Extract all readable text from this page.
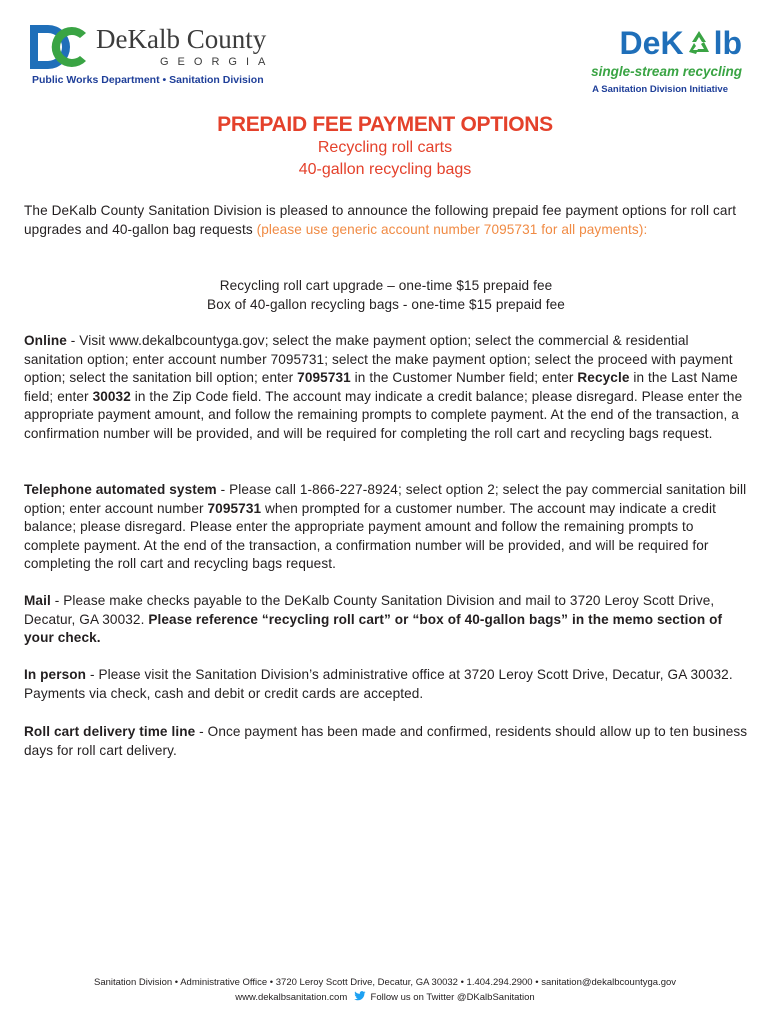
DeKalb County
GEORGIA
Public Works Department • Sanitation Division
DeK lb
single-stream recycling
A Sanitation Division Initiative
PREPAID FEE PAYMENT OPTIONS
Recycling roll carts
40-gallon recycling bags
The DeKalb County Sanitation Division is pleased to announce the following prepaid fee payment options for roll cart upgrades and 40-gallon bag requests (please use generic account number 7095731 for all payments):
Recycling roll cart upgrade – one-time $15 prepaid fee
Box of 40-gallon recycling bags - one-time $15 prepaid fee
Online - Visit www.dekalbcountyga.gov; select the make payment option; select the commercial & residential sanitation option; enter account number 7095731; select the make payment option; select the proceed with payment option; select the sanitation bill option; enter 7095731 in the Customer Number field; enter Recycle in the Last Name field; enter 30032 in the Zip Code field. The account may indicate a credit balance; please disregard. Please enter the appropriate payment amount, and follow the remaining prompts to complete payment. At the end of the transaction, a confirmation number will be provided, and will be required for completing the roll cart and recycling bags request.
Telephone automated system - Please call 1-866-227-8924; select option 2; select the pay commercial sanitation bill option; enter account number 7095731 when prompted for a customer number. The account may indicate a credit balance; please disregard. Please enter the appropriate payment amount and follow the remaining prompts to complete payment. At the end of the transaction, a confirmation number will be provided, and will be required for completing the roll cart and recycling bags request.
Mail - Please make checks payable to the DeKalb County Sanitation Division and mail to 3720 Leroy Scott Drive, Decatur, GA 30032. Please reference “recycling roll cart” or “box of 40-gallon bags” in the memo section of your check.
In person - Please visit the Sanitation Division’s administrative office at 3720 Leroy Scott Drive, Decatur, GA 30032. Payments via check, cash and debit or credit cards are accepted.
Roll cart delivery time line - Once payment has been made and confirmed, residents should allow up to ten business days for roll cart delivery.
Sanitation Division • Administrative Office • 3720 Leroy Scott Drive, Decatur, GA 30032 • 1.404.294.2900 • sanitation@dekalbcountyga.gov
www.dekalbsanitation.com Follow us on Twitter @DKalbSanitation
